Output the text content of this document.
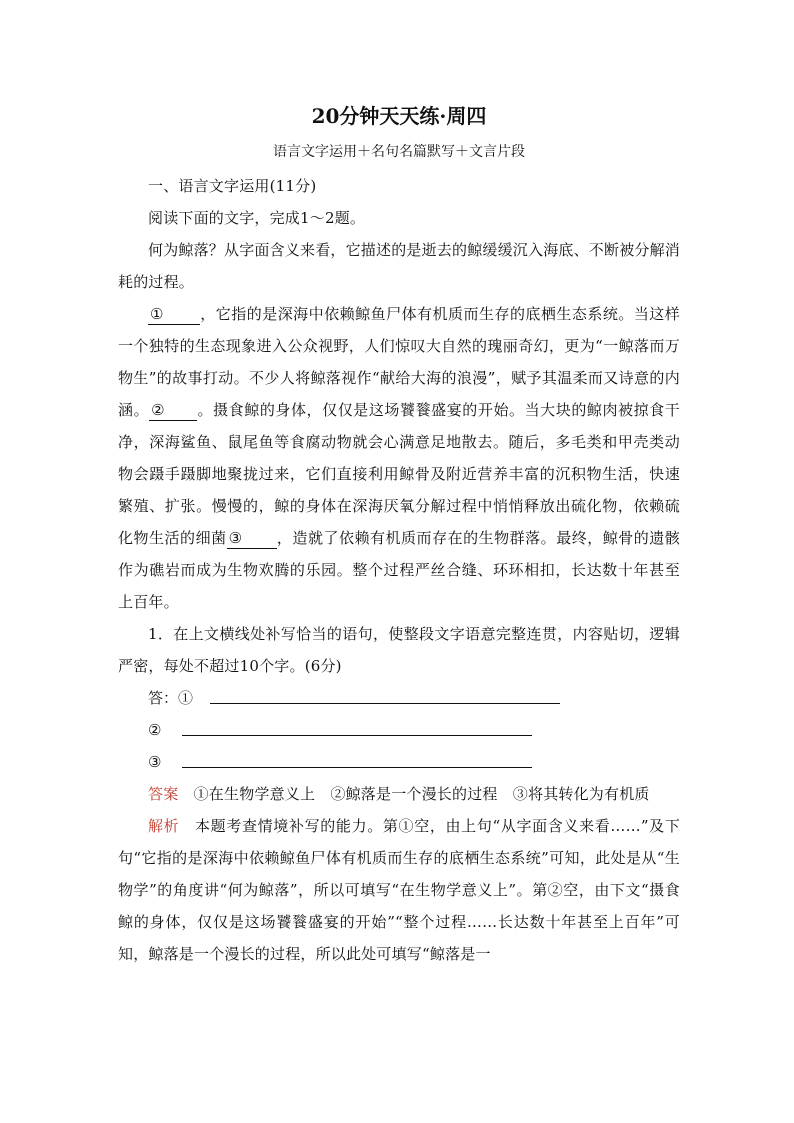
20分钟天天练·周四
语言文字运用＋名句名篇默写＋文言片段

一、语言文字运用(11分)

阅读下面的文字，完成1～2题。

何为鲸落？从字面含义来看，它描述的是逝去的鲸缓缓沉入海底、不断被分解消耗的过程。

① ，它指的是深海中依赖鲸鱼尸体有机质而生存的底栖生态系统。当这样一个独特的生态现象进入公众视野，人们惊叹大自然的瑰丽奇幻，更为“一鲸落而万物生”的故事打动。不少人将鲸落视作“献给大海的浪漫”，赋予其温柔而又诗意的内涵。 ② 。摄食鲸的身体，仅仅是这场饕餮盛宴的开始。当大块的鲸肉被掠食干净，深海鲨鱼、鼠尾鱼等食腐动物就会心满意足地散去。随后，多毛类和甲壳类动物会蹑手蹑脚地聚拢过来，它们直接利用鲸骨及附近营养丰富的沉积物生活，快速繁殖、扩张。慢慢的，鲸的身体在深海厌氧分解过程中悄悄释放出硫化物，依赖硫化物生活的细菌 ③ ，造就了依赖有机质而存在的生物群落。最终，鲸骨的遗骸作为礁岩而成为生物欢腾的乐园。整个过程严丝合缝、环环相扣，长达数十年甚至上百年。

1．在上文横线处补写恰当的语句，使整段文字语意完整连贯，内容贴切，逻辑严密，每处不超过10个字。(6分)

答：①
②
③

答案　 ①在生物学意义上　②鲸落是一个漫长的过程　③将其转化为有机质

解析　 本题考查情境补写的能力。第①空，由上句“从字面含义来看……”及下句“它指的是深海中依赖鲸鱼尸体有机质而生存的底栖生态系统”可知，此处是从“生物学”的角度讲“何为鲸落”，所以可填写“在生物学意义上”。第②空，由下文“摄食鲸的身体，仅仅是这场饕餮盛宴的开始”“整个过程……长达数十年甚至上百年”可知，鲸落是一个漫长的过程，所以此处可填写“鲸落是一
